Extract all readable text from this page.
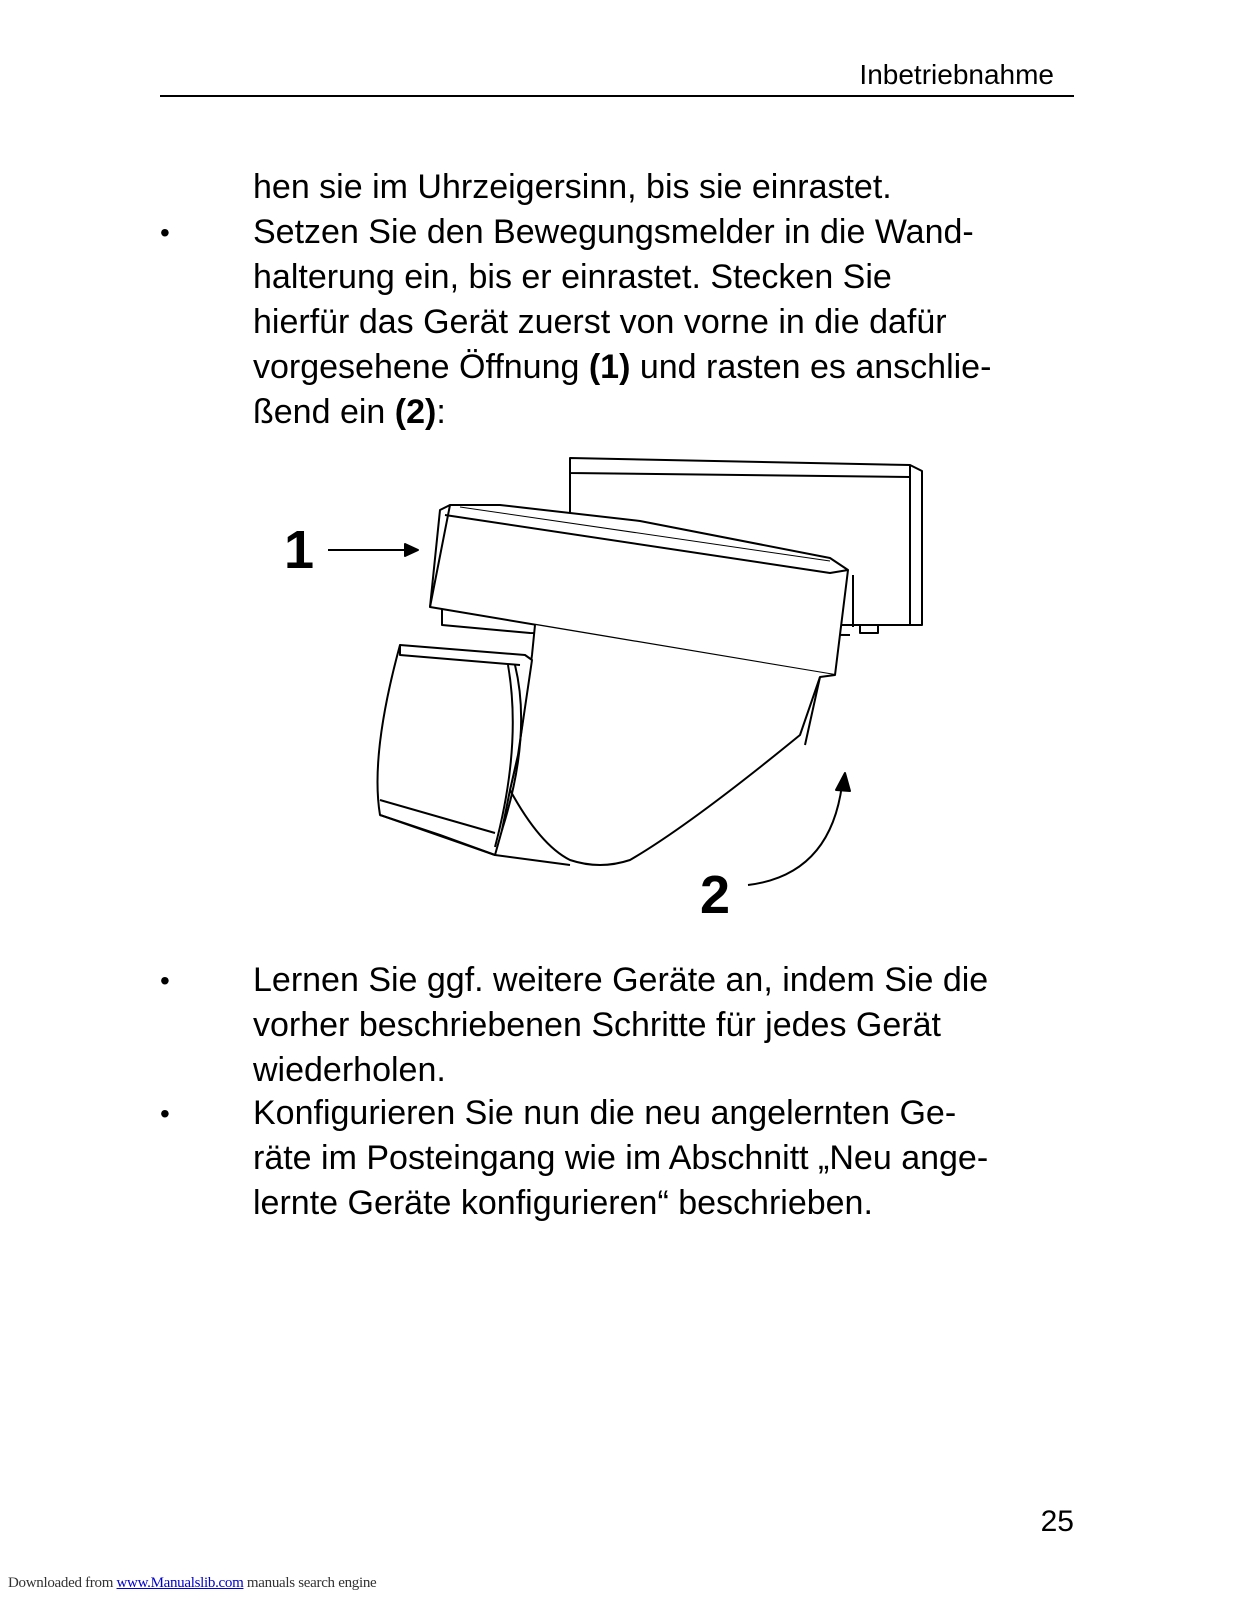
Inbetriebnahme

hen sie im Uhrzeigersinn, bis sie einrastet.

• Setzen Sie den Bewegungsmelder in die Wand-
halterung ein, bis er einrastet. Stecken Sie
hierfür das Gerät zuerst von vorne in die dafür
vorgesehene Öffnung (1) und rasten es anschlie-
ßend ein (2):
1
2
• Lernen Sie ggf. weitere Geräte an, indem Sie die
vorher beschriebenen Schritte für jedes Gerät
wiederholen.
• Konfigurieren Sie nun die neu angelernten Ge-
räte im Posteingang wie im Abschnitt „Neu ange-
lernte Geräte konfigurieren“ beschrieben.
25
Downloaded from www.Manualslib.com manuals search engine
